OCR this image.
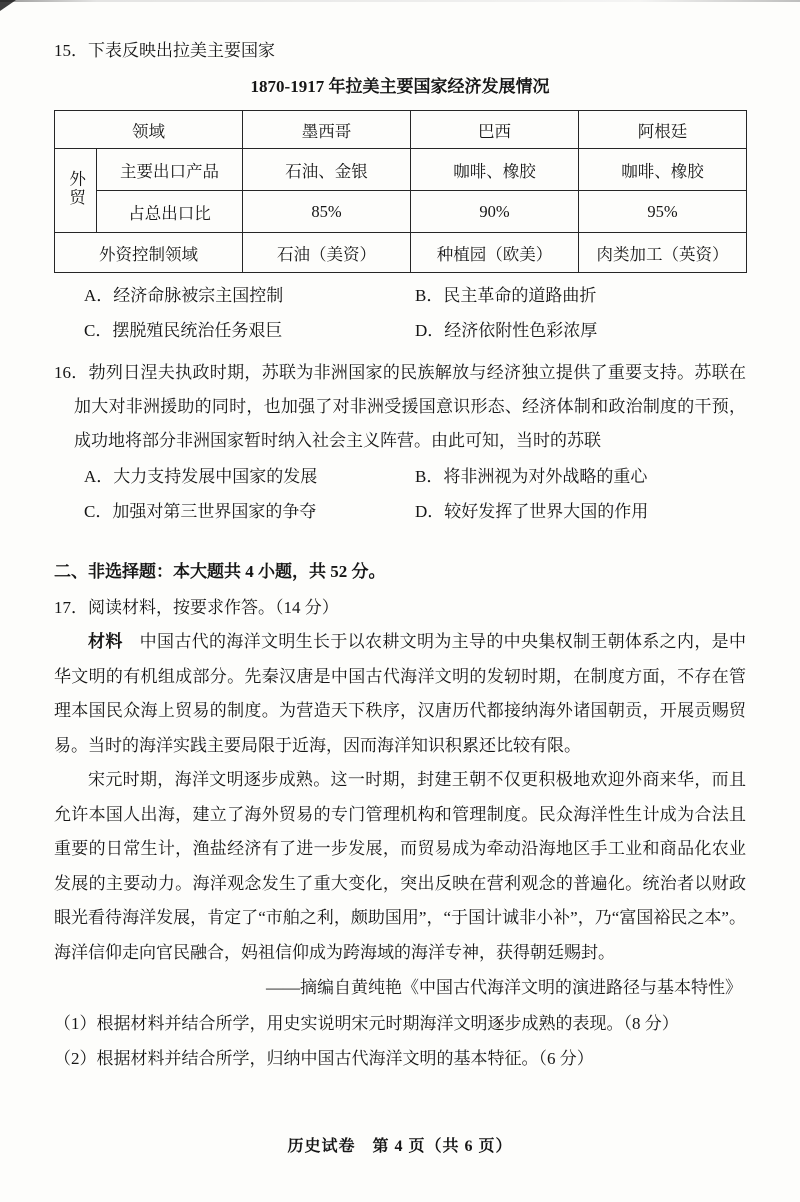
15．下表反映出拉美主要国家

1870-1917 年拉美主要国家经济发展情况
领域		墨西哥	巴西	阿根廷
外贸	主要出口产品	石油、金银	咖啡、橡胶	咖啡、橡胶
	占总出口比	85%	90%	95%
外资控制领域		石油（美资）	种植园（欧美）	肉类加工（英资）
A．经济命脉被宗主国控制	B．民主革命的道路曲折
C．摆脱殖民统治任务艰巨	D．经济依附性色彩浓厚

16．勃列日涅夫执政时期，苏联为非洲国家的民族解放与经济独立提供了重要支持。苏联在加大对非洲援助的同时，也加强了对非洲受援国意识形态、经济体制和政治制度的干预，成功地将部分非洲国家暂时纳入社会主义阵营。由此可知，当时的苏联

A．大力支持发展中国家的发展	B．将非洲视为对外战略的重心
C．加强对第三世界国家的争夺	D．较好发挥了世界大国的作用

二、非选择题：本大题共 4 小题，共 52 分。

17．阅读材料，按要求作答。（14 分）

材料 中国古代的海洋文明生长于以农耕文明为主导的中央集权制王朝体系之内，是中华文明的有机组成部分。先秦汉唐是中国古代海洋文明的发轫时期，在制度方面，不存在管理本国民众海上贸易的制度。为营造天下秩序，汉唐历代都接纳海外诸国朝贡，开展贡赐贸易。当时的海洋实践主要局限于近海，因而海洋知识积累还比较有限。

宋元时期，海洋文明逐步成熟。这一时期，封建王朝不仅更积极地欢迎外商来华，而且允许本国人出海，建立了海外贸易的专门管理机构和管理制度。民众海洋性生计成为合法且重要的日常生计，渔盐经济有了进一步发展，而贸易成为牵动沿海地区手工业和商品化农业发展的主要动力。海洋观念发生了重大变化，突出反映在营利观念的普遍化。统治者以财政眼光看待海洋发展，肯定了“市舶之利，颇助国用”，“于国计诚非小补”，乃“富国裕民之本”。海洋信仰走向官民融合，妈祖信仰成为跨海域的海洋专神，获得朝廷赐封。

——摘编自黄纯艳《中国古代海洋文明的演进路径与基本特性》

（1）根据材料并结合所学，用史实说明宋元时期海洋文明逐步成熟的表现。（8 分）

（2）根据材料并结合所学，归纳中国古代海洋文明的基本特征。（6 分）

历史试卷　第 4 页（共 6 页）
